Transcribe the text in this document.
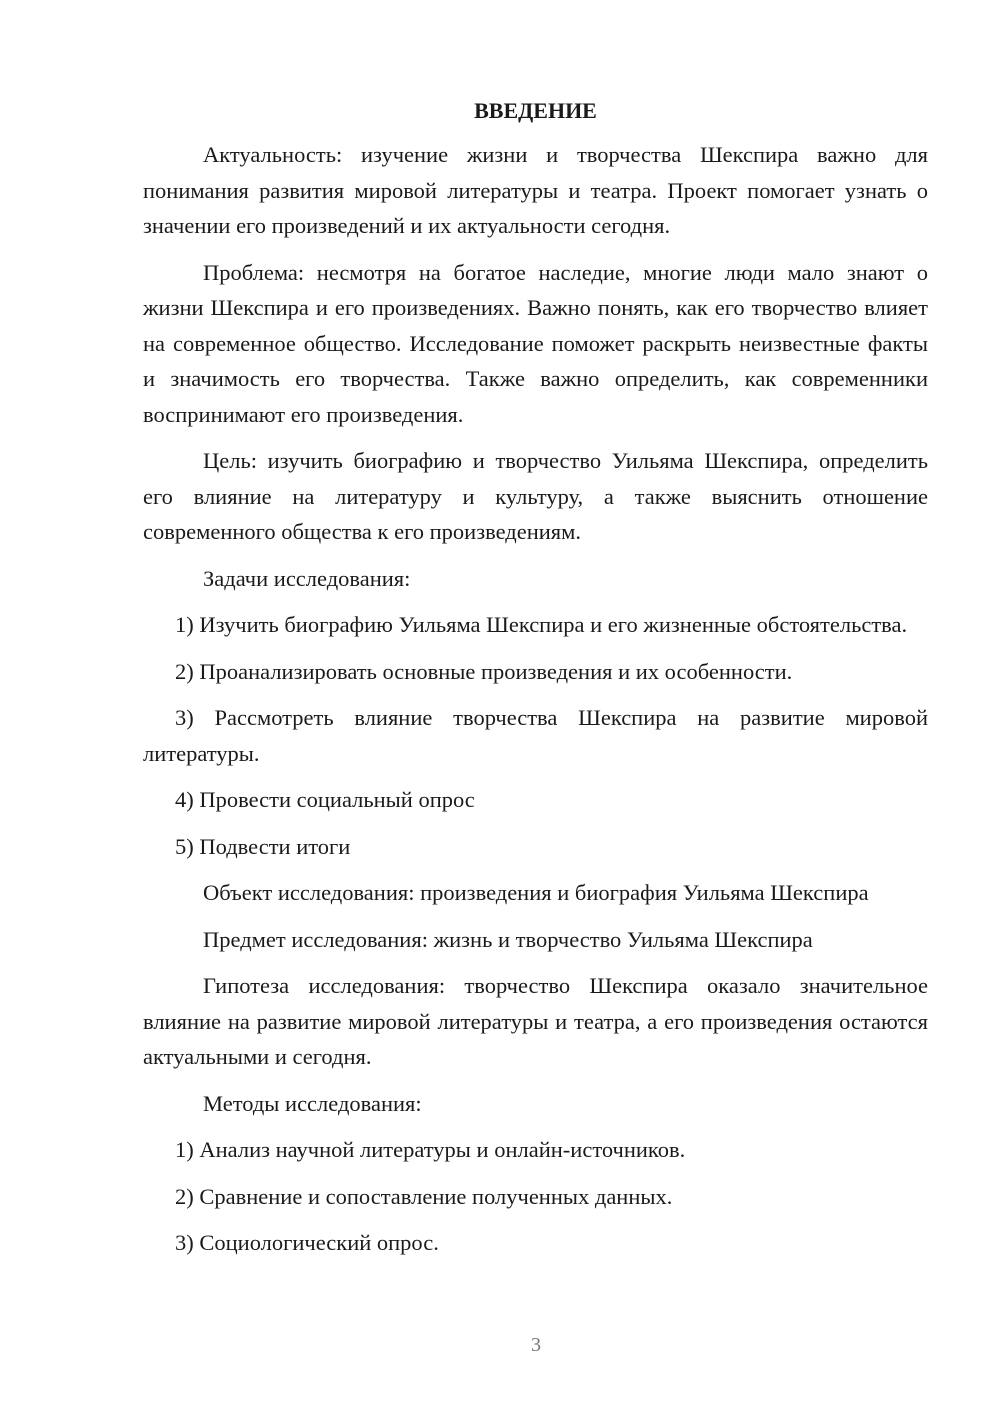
ВВЕДЕНИЕ

Актуальность: изучение жизни и творчества Шекспира важно для понимания развития мировой литературы и театра. Проект помогает узнать о значении его произведений и их актуальности сегодня.

Проблема: несмотря на богатое наследие, многие люди мало знают о жизни Шекспира и его произведениях. Важно понять, как его творчество влияет на современное общество. Исследование поможет раскрыть неизвестные факты и значимость его творчества. Также важно определить, как современники воспринимают его произведения.

Цель: изучить биографию и творчество Уильяма Шекспира, определить его влияние на литературу и культуру, а также выяснить отношение современного общества к его произведениям.

Задачи исследования:

1) Изучить биографию Уильяма Шекспира и его жизненные обстоятельства.

2) Проанализировать основные произведения и их особенности.

3) Рассмотреть влияние творчества Шекспира на развитие мировой литературы.

4) Провести социальный опрос

5) Подвести итоги

Объект исследования: произведения и биография Уильяма Шекспира

Предмет исследования: жизнь и творчество Уильяма Шекспира

Гипотеза исследования: творчество Шекспира оказало значительное влияние на развитие мировой литературы и театра, а его произведения остаются актуальными и сегодня.

Методы исследования:

1) Анализ научной литературы и онлайн-источников.

2) Сравнение и сопоставление полученных данных.

3) Социологический опрос.

3
